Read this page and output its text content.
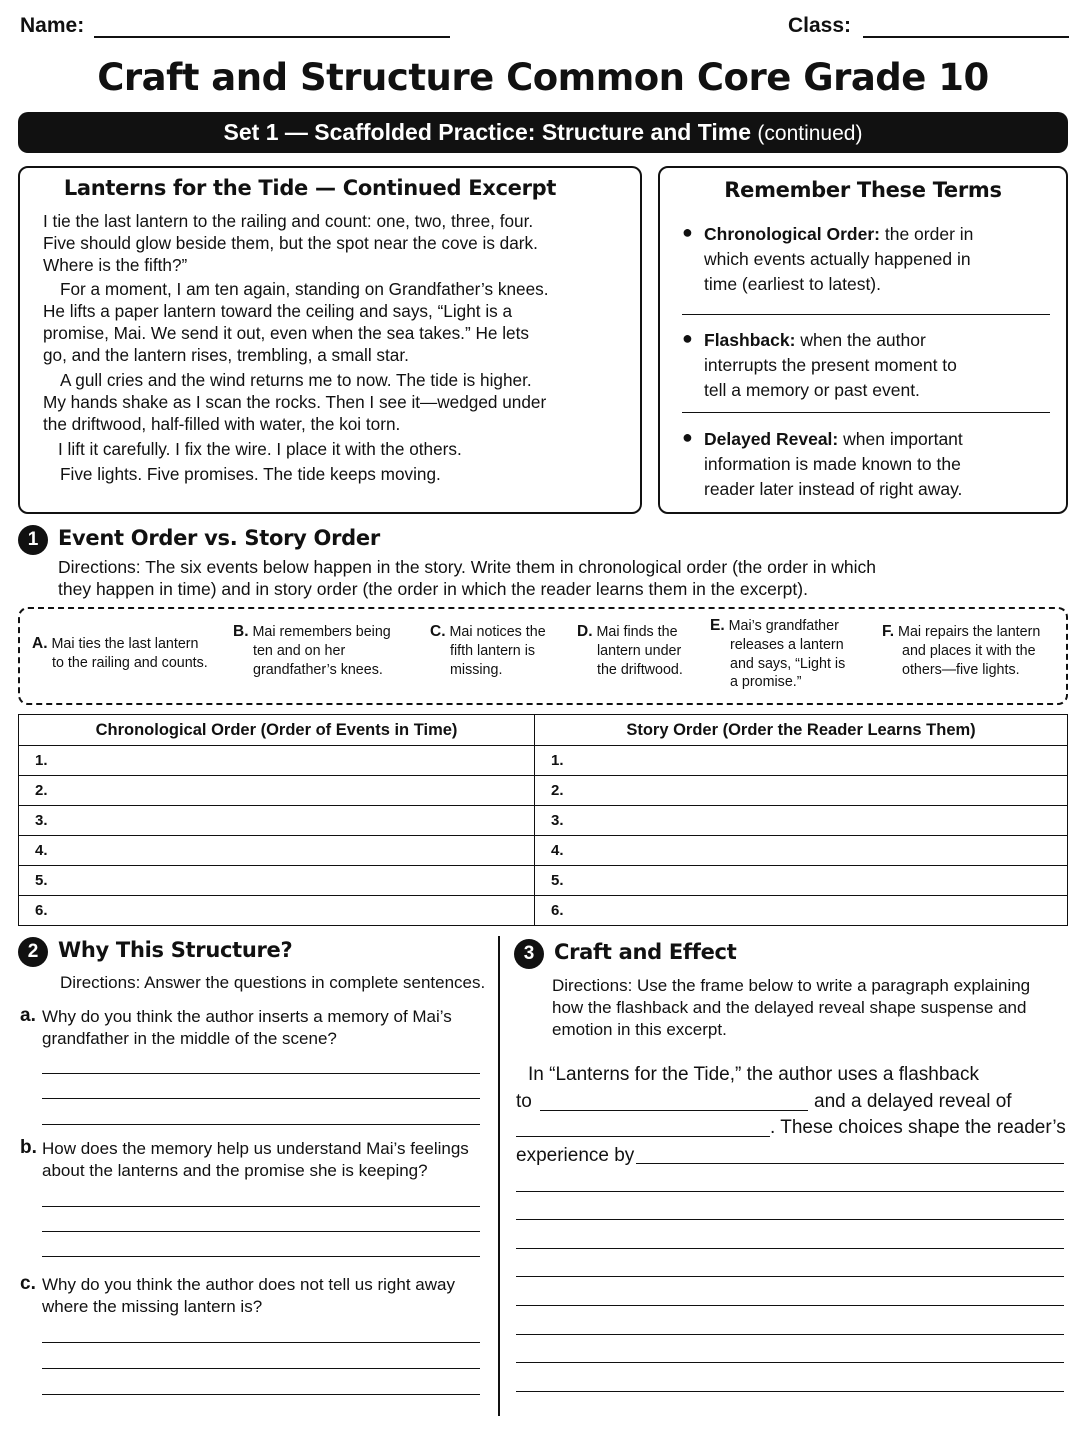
Name:	Class:
Craft and Structure Common Core Grade 10
Set 1 — Scaffolded Practice: Structure and Time (continued)
Lanterns for the Tide — Continued Excerpt
I tie the last lantern to the railing and count: one, two, three, four.
Five should glow beside them, but the spot near the cove is dark.
Where is the fifth?”
For a moment, I am ten again, standing on Grandfather’s knees.
He lifts a paper lantern toward the ceiling and says, “Light is a
promise, Mai. We send it out, even when the sea takes.” He lets
go, and the lantern rises, trembling, a small star.
A gull cries and the wind returns me to now. The tide is higher.
My hands shake as I scan the rocks. Then I see it—wedged under
the driftwood, half-filled with water, the koi torn.
I lift it carefully. I fix the wire. I place it with the others.
Five lights. Five promises. The tide keeps moving.
Remember These Terms
● Chronological Order: the order in
which events actually happened in
time (earliest to latest).
● Flashback: when the author
interrupts the present moment to
tell a memory or past event.
● Delayed Reveal: when important
information is made known to the
reader later instead of right away.
1 Event Order vs. Story Order
Directions: The six events below happen in the story. Write them in chronological order (the order in which
they happen in time) and in story order (the order in which the reader learns them in the excerpt).
A. Mai ties the last lantern
to the railing and counts.
B. Mai remembers being
ten and on her
grandfather’s knees.
C. Mai notices the
fifth lantern is
missing.
D. Mai finds the
lantern under
the driftwood.
E. Mai’s grandfather
releases a lantern
and says, “Light is
a promise.”
F. Mai repairs the lantern
and places it with the
others—five lights.
Chronological Order (Order of Events in Time)	Story Order (Order the Reader Learns Them)
1.	1.
2.	2.
3.	3.
4.	4.
5.	5.
6.	6.
2 Why This Structure?
Directions: Answer the questions in complete sentences.
a. Why do you think the author inserts a memory of Mai’s
grandfather in the middle of the scene?
b. How does the memory help us understand Mai’s feelings
about the lanterns and the promise she is keeping?
c. Why do you think the author does not tell us right away
where the missing lantern is?
3 Craft and Effect
Directions: Use the frame below to write a paragraph explaining
how the flashback and the delayed reveal shape suspense and
emotion in this excerpt.
In “Lanterns for the Tide,” the author uses a flashback
to	and a delayed reveal of
. These choices shape the reader’s
experience by
